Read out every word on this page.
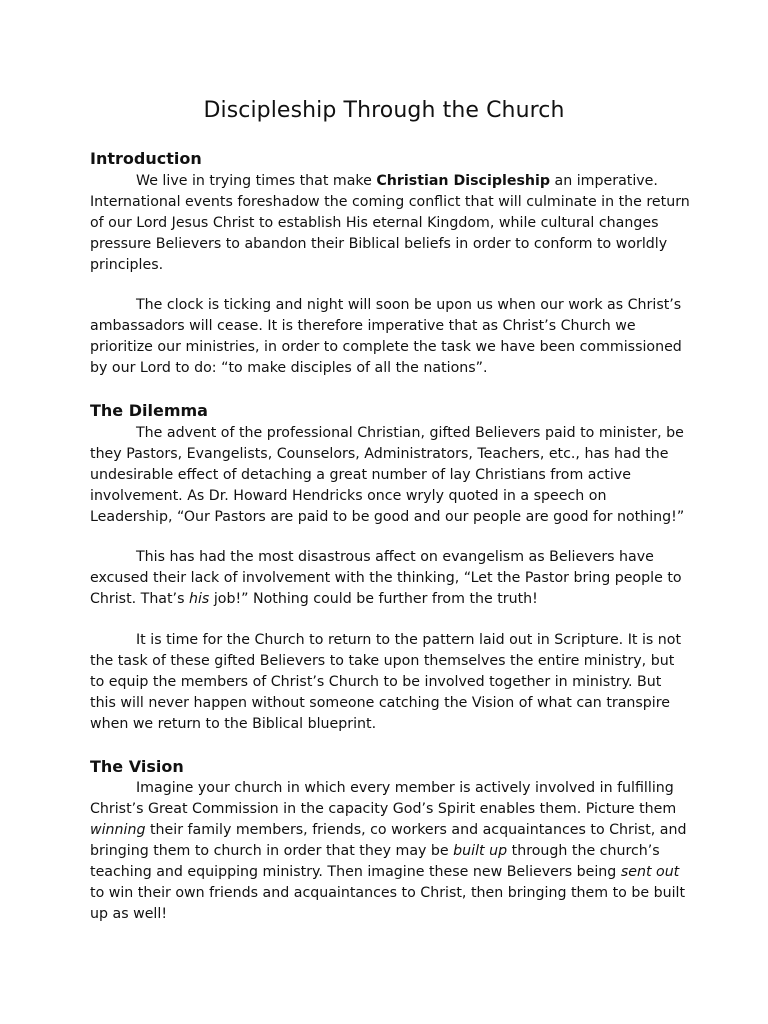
Discipleship Through the Church
Introduction

We live in trying times that make Christian Discipleship an imperative. International events foreshadow the coming conflict that will culminate in the return of our Lord Jesus Christ to establish His eternal Kingdom, while cultural changes pressure Believers to abandon their Biblical beliefs in order to conform to worldly principles.

The clock is ticking and night will soon be upon us when our work as Christ’s ambassadors will cease. It is therefore imperative that as Christ’s Church we prioritize our ministries, in order to complete the task we have been commissioned by our Lord to do: “to make disciples of all the nations”.

The Dilemma

The advent of the professional Christian, gifted Believers paid to minister, be they Pastors, Evangelists, Counselors, Administrators, Teachers, etc., has had the undesirable effect of detaching a great number of lay Christians from active involvement. As Dr. Howard Hendricks once wryly quoted in a speech on Leadership, “Our Pastors are paid to be good and our people are good for nothing!”

This has had the most disastrous affect on evangelism as Believers have excused their lack of involvement with the thinking, “Let the Pastor bring people to Christ. That’s his job!” Nothing could be further from the truth!

It is time for the Church to return to the pattern laid out in Scripture. It is not the task of these gifted Believers to take upon themselves the entire ministry, but to equip the members of Christ’s Church to be involved together in ministry. But this will never happen without someone catching the Vision of what can transpire when we return to the Biblical blueprint.

The Vision

Imagine your church in which every member is actively involved in fulfilling Christ’s Great Commission in the capacity God’s Spirit enables them. Picture them winning their family members, friends, co workers and acquaintances to Christ, and bringing them to church in order that they may be built up through the church’s teaching and equipping ministry. Then imagine these new Believers being sent out to win their own friends and acquaintances to Christ, then bringing them to be built up as well!
